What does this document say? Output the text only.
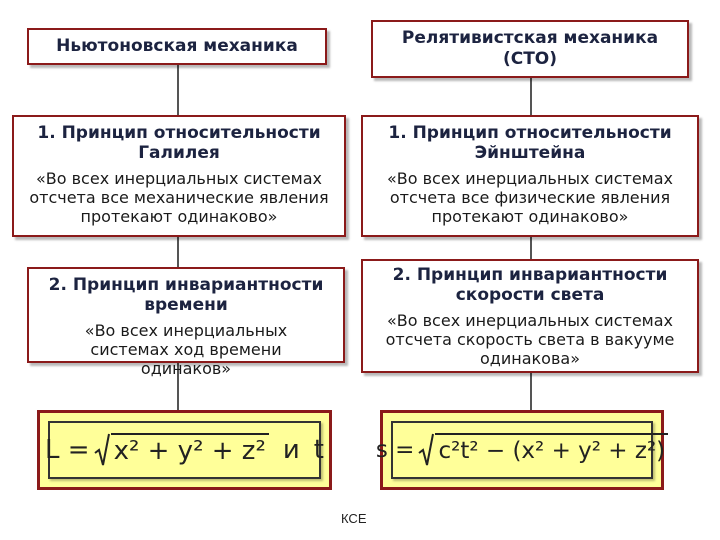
Ньютоновская механика	Релятивистская механика
(СТО)
1. Принцип относительности
Галилея
«Во всех инерциальных системах отсчета все механические явления протекают одинаково»
1. Принцип относительности
Эйнштейна
«Во всех инерциальных системах отсчета все физические явления протекают одинаково»
2. Принцип инвариантности
времени
«Во всех инерциальных системах ход времени одинаков»
2. Принцип инвариантности
скорости света
«Во всех инерциальных системах отсчета скорость света в вакууме одинакова»
L = x² + y² + z² и t s = c²t² − (x² + y² + z²)
КСЕ
